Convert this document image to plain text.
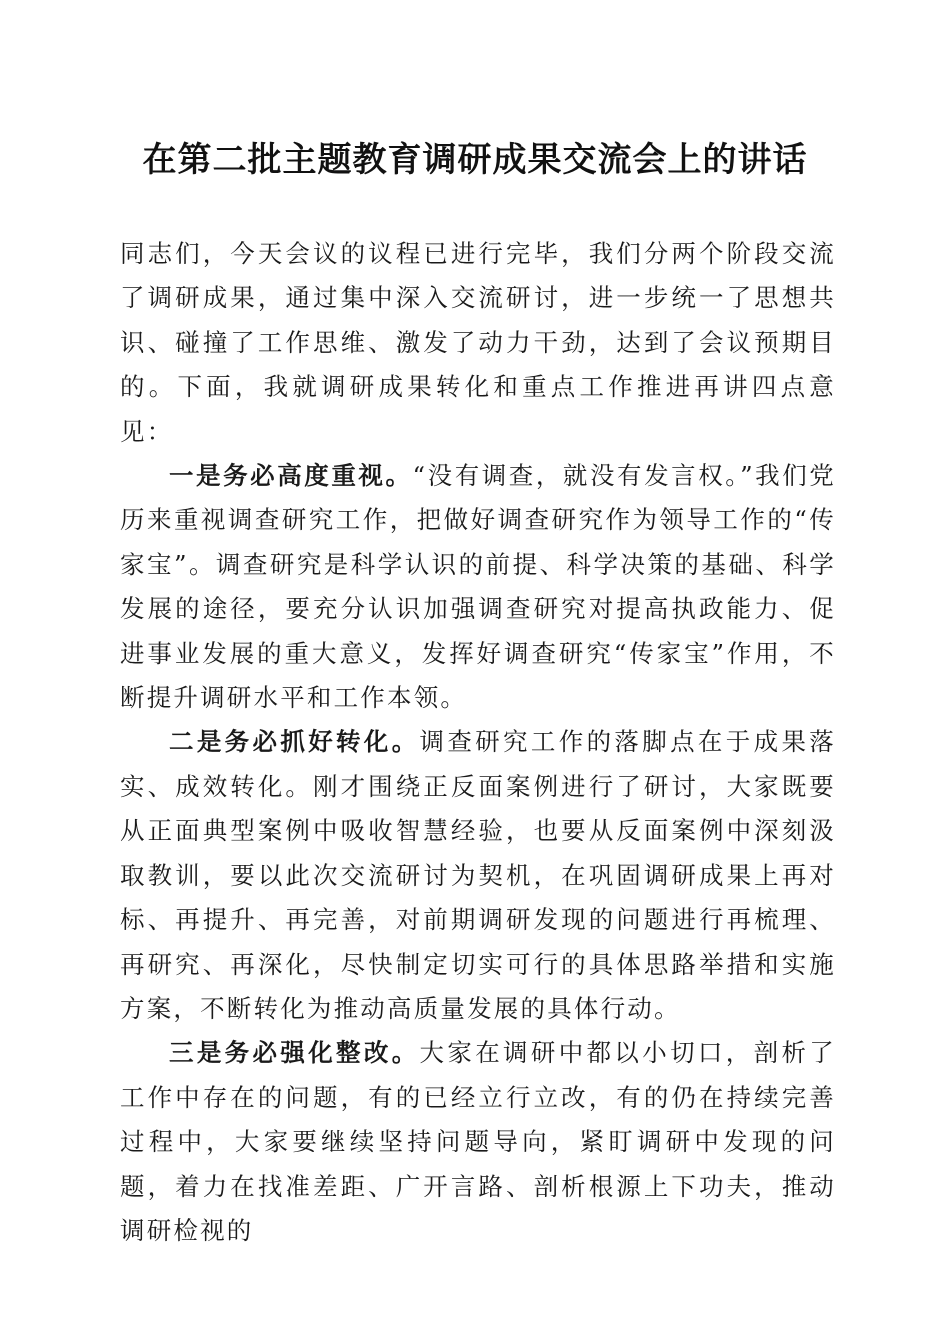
在第二批主题教育调研成果交流会上的讲话

同志们，今天会议的议程已进行完毕，我们分两个阶段交流了调研成果，通过集中深入交流研讨，进一步统一了思想共识、碰撞了工作思维、激发了动力干劲，达到了会议预期目的。下面，我就调研成果转化和重点工作推进再讲四点意见：

一是务必高度重视。“没有调查，就没有发言权。”我们党历来重视调查研究工作，把做好调查研究作为领导工作的“传家宝”。调查研究是科学认识的前提、科学决策的基础、科学发展的途径，要充分认识加强调查研究对提高执政能力、促进事业发展的重大意义，发挥好调查研究“传家宝”作用，不断提升调研水平和工作本领。

二是务必抓好转化。调查研究工作的落脚点在于成果落实、成效转化。刚才围绕正反面案例进行了研讨，大家既要从正面典型案例中吸收智慧经验，也要从反面案例中深刻汲取教训，要以此次交流研讨为契机，在巩固调研成果上再对标、再提升、再完善，对前期调研发现的问题进行再梳理、再研究、再深化，尽快制定切实可行的具体思路举措和实施方案，不断转化为推动高质量发展的具体行动。

三是务必强化整改。大家在调研中都以小切口，剖析了工作中存在的问题，有的已经立行立改，有的仍在持续完善过程中，大家要继续坚持问题导向，紧盯调研中发现的问题，着力在找准差距、广开言路、剖析根源上下功夫，推动调研检视的
